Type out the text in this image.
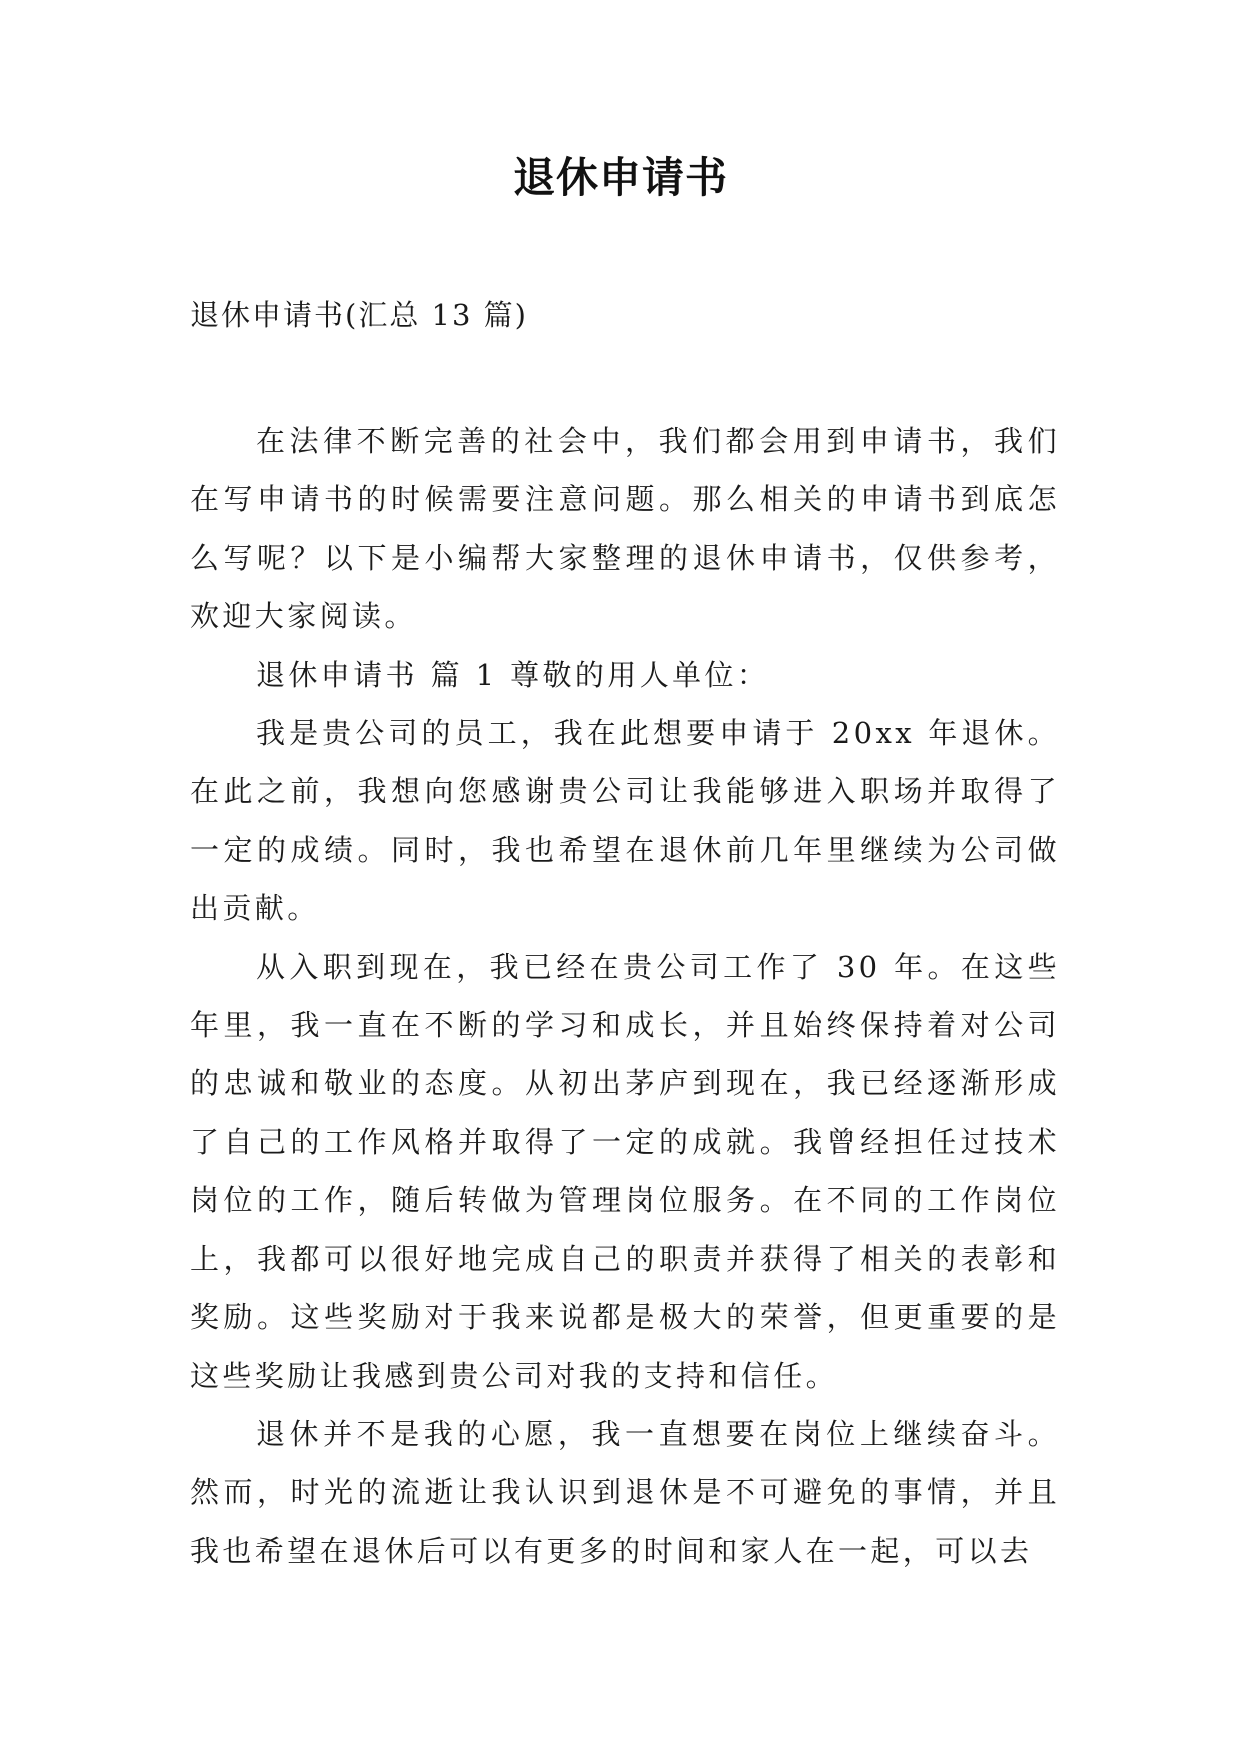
退休申请书

退休申请书(汇总 13 篇)

在法律不断完善的社会中，我们都会用到申请书，我们在写申请书的时候需要注意问题。那么相关的申请书到底怎么写呢？以下是小编帮大家整理的退休申请书，仅供参考，欢迎大家阅读。

退休申请书 篇 1 尊敬的用人单位：

我是贵公司的员工，我在此想要申请于 20xx 年退休。在此之前，我想向您感谢贵公司让我能够进入职场并取得了一定的成绩。同时，我也希望在退休前几年里继续为公司做出贡献。

从入职到现在，我已经在贵公司工作了 30 年。在这些年里，我一直在不断的学习和成长，并且始终保持着对公司的忠诚和敬业的态度。从初出茅庐到现在，我已经逐渐形成了自己的工作风格并取得了一定的成就。我曾经担任过技术岗位的工作，随后转做为管理岗位服务。在不同的工作岗位上，我都可以很好地完成自己的职责并获得了相关的表彰和奖励。这些奖励对于我来说都是极大的荣誉，但更重要的是这些奖励让我感到贵公司对我的支持和信任。

退休并不是我的心愿，我一直想要在岗位上继续奋斗。然而，时光的流逝让我认识到退休是不可避免的事情，并且我也希望在退休后可以有更多的时间和家人在一起，可以去
